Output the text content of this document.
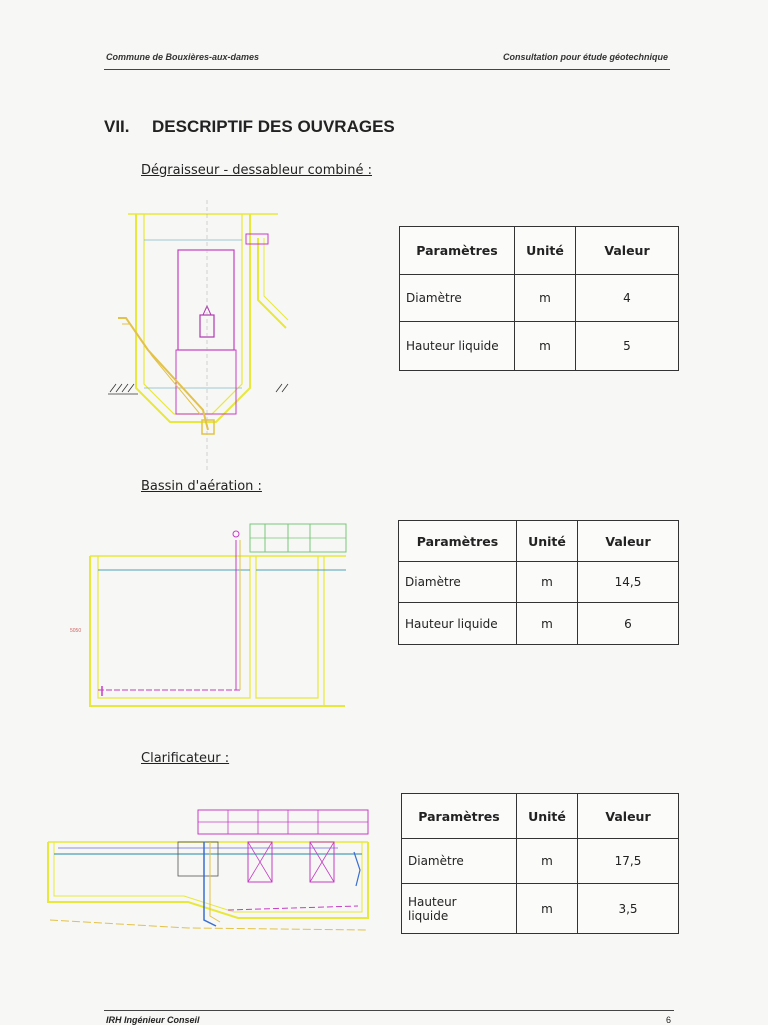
Commune de Bouxières-aux-dames	Consultation pour étude géotechnique
VII. DESCRIPTIF DES OUVRAGES
Dégraisseur - dessableur combiné :
Paramètres	Unité	Valeur
Diamètre	m	4
Hauteur liquide	m	5
Bassin d'aération :
5050
Paramètres	Unité	Valeur
Diamètre	m	14,5
Hauteur liquide	m	6
Clarificateur :
Paramètres	Unité	Valeur
Diamètre	m	17,5
Hauteur liquide	m	3,5
IRH Ingénieur Conseil	6
